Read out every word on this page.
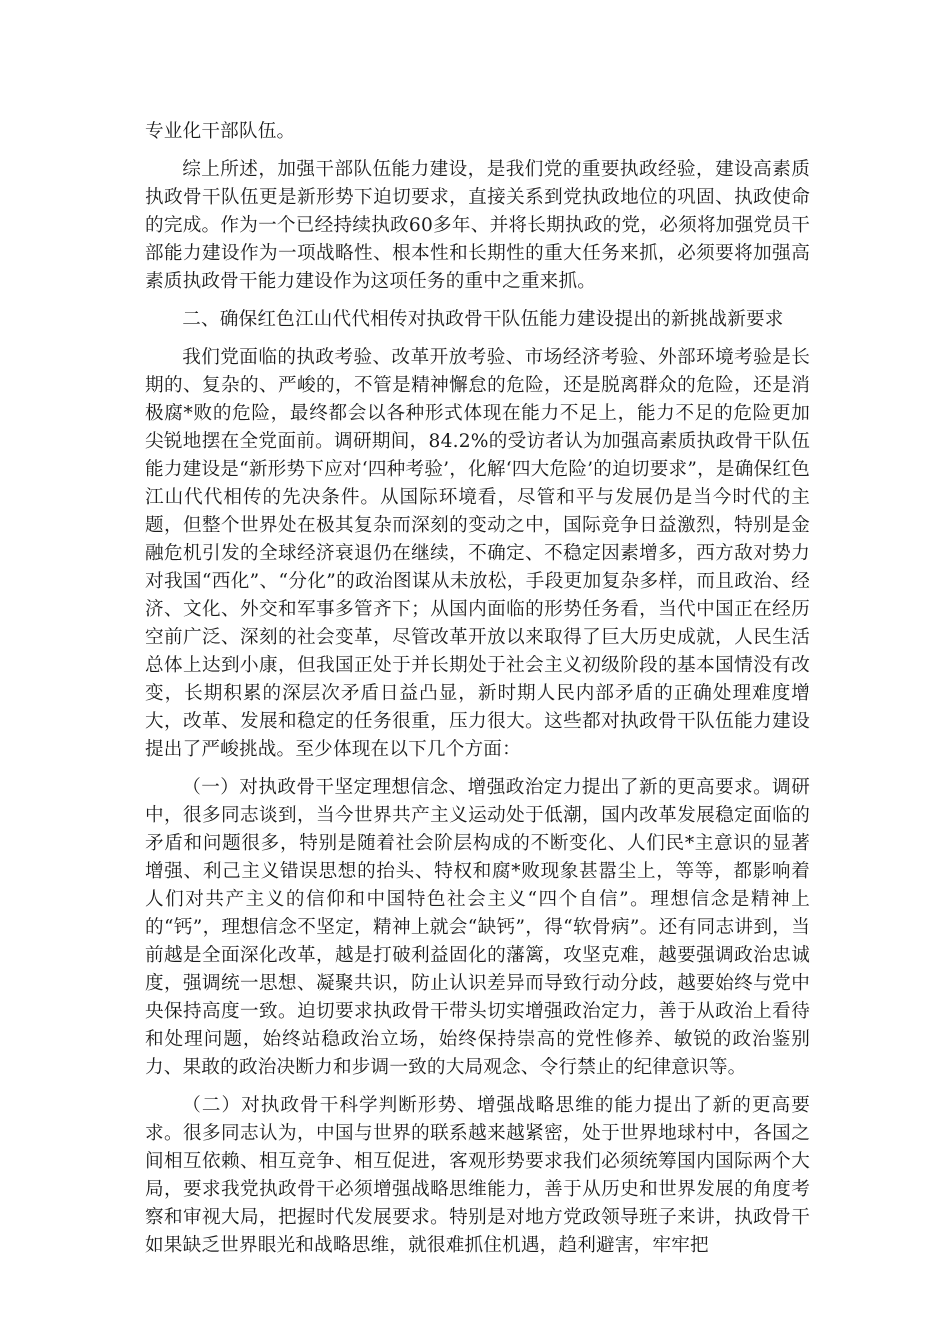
专业化干部队伍。

综上所述，加强干部队伍能力建设，是我们党的重要执政经验，建设高素质执政骨干队伍更是新形势下迫切要求，直接关系到党执政地位的巩固、执政使命的完成。作为一个已经持续执政60多年、并将长期执政的党，必须将加强党员干部能力建设作为一项战略性、根本性和长期性的重大任务来抓，必须要将加强高素质执政骨干能力建设作为这项任务的重中之重来抓。

二、确保红色江山代代相传对执政骨干队伍能力建设提出的新挑战新要求

我们党面临的执政考验、改革开放考验、市场经济考验、外部环境考验是长期的、复杂的、严峻的，不管是精神懈怠的危险，还是脱离群众的危险，还是消极腐*败的危险，最终都会以各种形式体现在能力不足上，能力不足的危险更加尖锐地摆在全党面前。调研期间，84.2%的受访者认为加强高素质执政骨干队伍能力建设是“新形势下应对‘四种考验’，化解‘四大危险’的迫切要求”，是确保红色江山代代相传的先决条件。从国际环境看，尽管和平与发展仍是当今时代的主题，但整个世界处在极其复杂而深刻的变动之中，国际竞争日益激烈，特别是金融危机引发的全球经济衰退仍在继续，不确定、不稳定因素增多，西方敌对势力对我国“西化”、“分化”的政治图谋从未放松，手段更加复杂多样，而且政治、经济、文化、外交和军事多管齐下；从国内面临的形势任务看，当代中国正在经历空前广泛、深刻的社会变革，尽管改革开放以来取得了巨大历史成就，人民生活总体上达到小康，但我国正处于并长期处于社会主义初级阶段的基本国情没有改变，长期积累的深层次矛盾日益凸显，新时期人民内部矛盾的正确处理难度增大，改革、发展和稳定的任务很重，压力很大。这些都对执政骨干队伍能力建设提出了严峻挑战。至少体现在以下几个方面：

（一）对执政骨干坚定理想信念、增强政治定力提出了新的更高要求。调研中，很多同志谈到，当今世界共产主义运动处于低潮，国内改革发展稳定面临的矛盾和问题很多，特别是随着社会阶层构成的不断变化、人们民*主意识的显著增强、利己主义错误思想的抬头、特权和腐*败现象甚嚣尘上，等等，都影响着人们对共产主义的信仰和中国特色社会主义“四个自信”。理想信念是精神上的“钙”，理想信念不坚定，精神上就会“缺钙”，得“软骨病”。还有同志讲到，当前越是全面深化改革，越是打破利益固化的藩篱，攻坚克难，越要强调政治忠诚度，强调统一思想、凝聚共识，防止认识差异而导致行动分歧，越要始终与党中央保持高度一致。迫切要求执政骨干带头切实增强政治定力，善于从政治上看待和处理问题，始终站稳政治立场，始终保持崇高的党性修养、敏锐的政治鉴别力、果敢的政治决断力和步调一致的大局观念、令行禁止的纪律意识等。

（二）对执政骨干科学判断形势、增强战略思维的能力提出了新的更高要求。很多同志认为，中国与世界的联系越来越紧密，处于世界地球村中，各国之间相互依赖、相互竞争、相互促进，客观形势要求我们必须统筹国内国际两个大局，要求我党执政骨干必须增强战略思维能力，善于从历史和世界发展的角度考察和审视大局，把握时代发展要求。特别是对地方党政领导班子来讲，执政骨干如果缺乏世界眼光和战略思维，就很难抓住机遇，趋利避害，牢牢把
